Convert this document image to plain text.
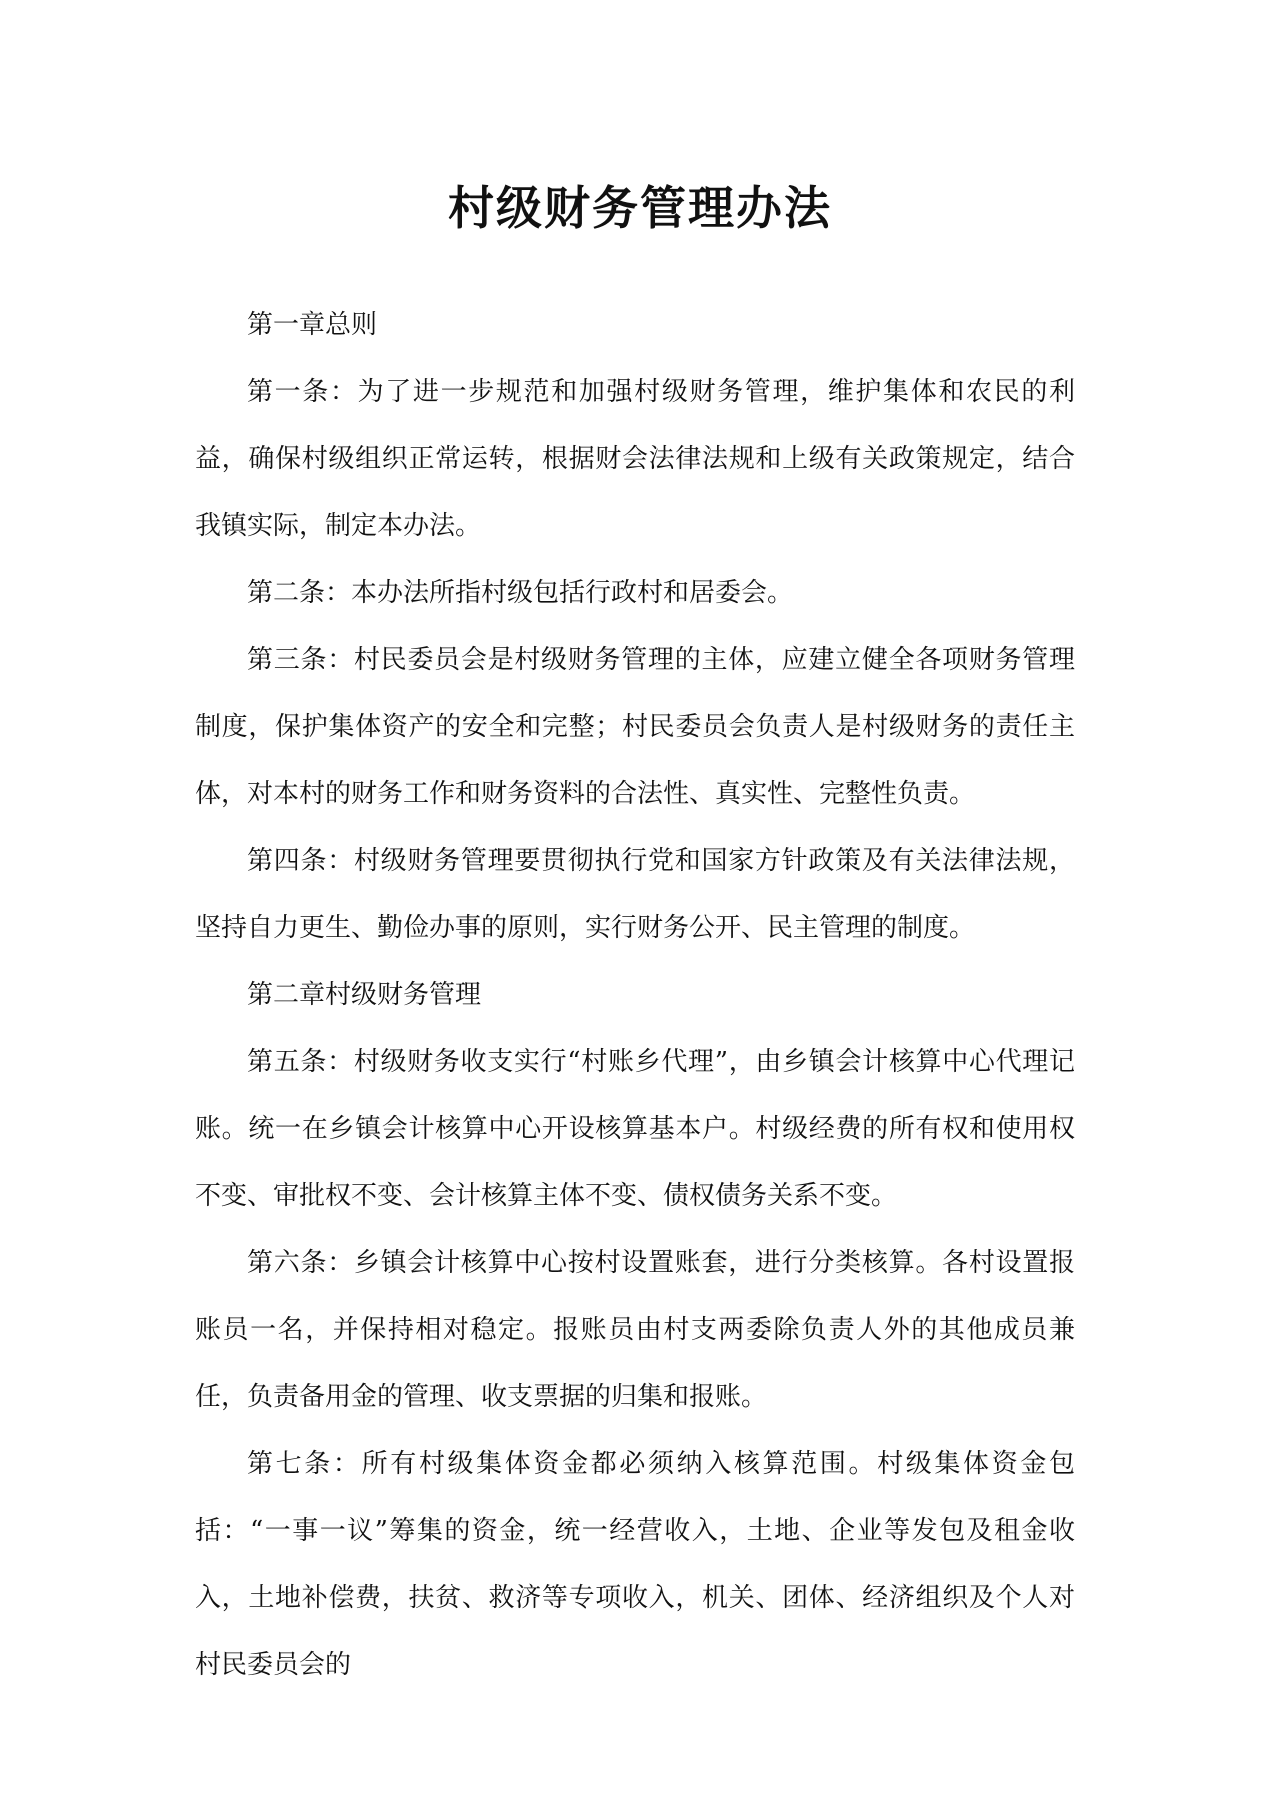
村级财务管理办法

第一章总则

第一条：为了进一步规范和加强村级财务管理，维护集体和农民的利益，确保村级组织正常运转，根据财会法律法规和上级有关政策规定，结合我镇实际，制定本办法。

第二条：本办法所指村级包括行政村和居委会。

第三条：村民委员会是村级财务管理的主体，应建立健全各项财务管理制度，保护集体资产的安全和完整；村民委员会负责人是村级财务的责任主体，对本村的财务工作和财务资料的合法性、真实性、完整性负责。

第四条：村级财务管理要贯彻执行党和国家方针政策及有关法律法规，坚持自力更生、勤俭办事的原则，实行财务公开、民主管理的制度。

第二章村级财务管理

第五条：村级财务收支实行“村账乡代理”，由乡镇会计核算中心代理记账。统一在乡镇会计核算中心开设核算基本户。村级经费的所有权和使用权不变、审批权不变、会计核算主体不变、债权债务关系不变。

第六条：乡镇会计核算中心按村设置账套，进行分类核算。各村设置报账员一名，并保持相对稳定。报账员由村支两委除负责人外的其他成员兼任，负责备用金的管理、收支票据的归集和报账。

第七条：所有村级集体资金都必须纳入核算范围。村级集体资金包括：“一事一议”筹集的资金，统一经营收入，土地、企业等发包及租金收入，土地补偿费，扶贫、救济等专项收入，机关、团体、经济组织及个人对村民委员会的
